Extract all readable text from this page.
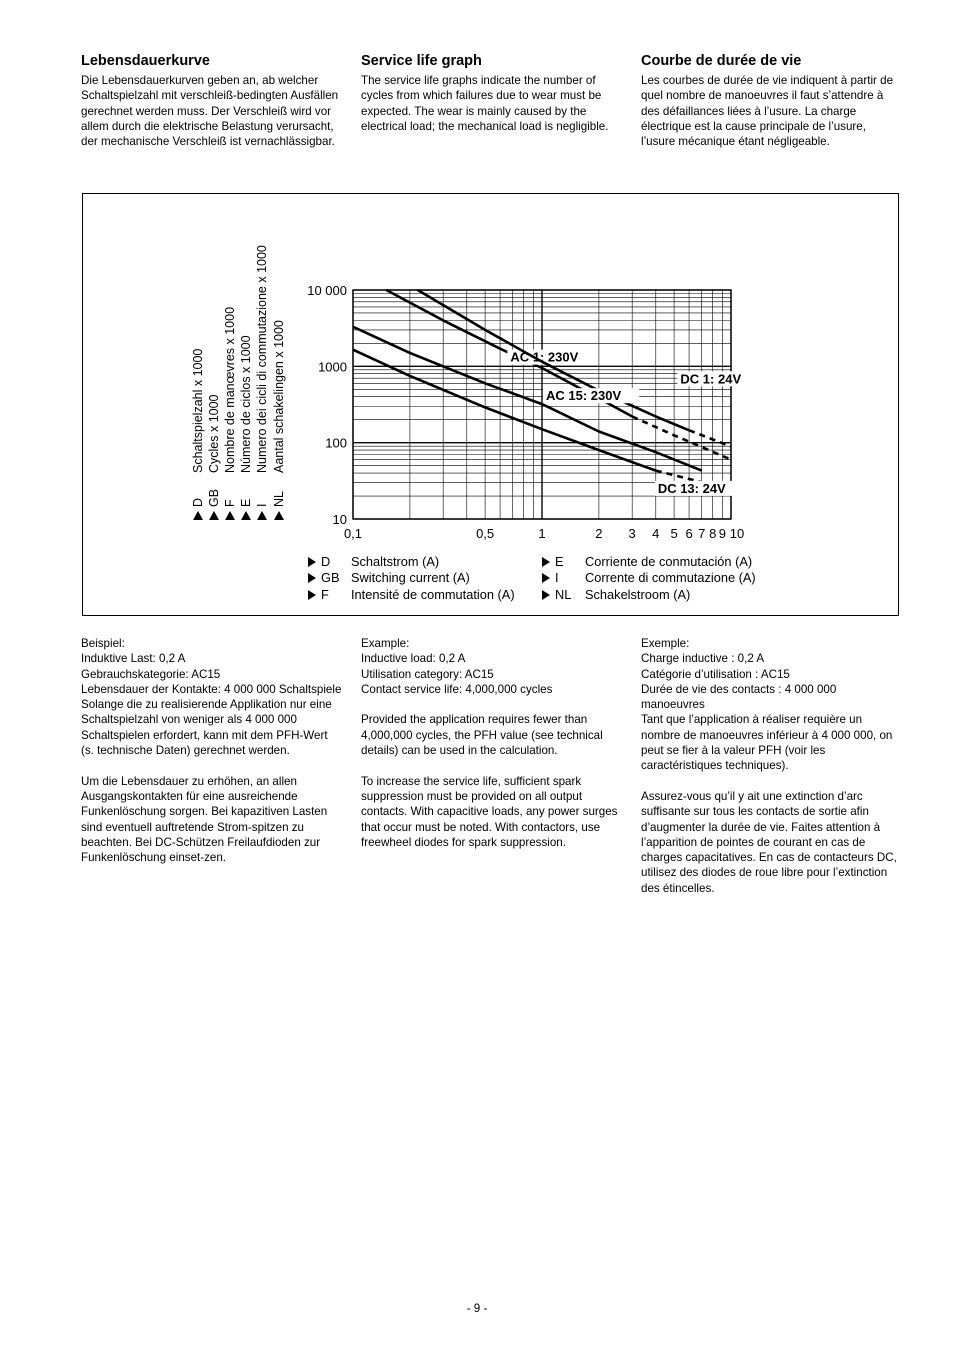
Lebensdauerkurve

Die Lebensdauerkurven geben an, ab welcher Schaltspielzahl mit verschleiß-bedingten Ausfällen gerechnet werden muss. Der Verschleiß wird vor allem durch die elektrische Belastung verursacht, der mechanische Verschleiß ist vernachlässigbar.

Service life graph

The service life graphs indicate the number of cycles from which failures due to wear must be expected. The wear is mainly caused by the electrical load; the mechanical load is negligible.

Courbe de durée de vie

Les courbes de durée de vie indiquent à partir de quel nombre de manoeuvres il faut s’attendre à des défaillances liées à l’usure. La charge électrique est la cause principale de l’usure, l’usure mécanique étant négligeable.

AC 1: 230V
DC 1: 24V
AC 15: 230V
DC 13: 24V
10
100
1000
10 000
0,1	0,5	1	2 3 4 5 6 7 8 9 10
D
Schaltspielzahl x 1000
GB
Cycles x 1000
F
Nombre de manœvres x 1000
E
Número de ciclos x 1000
I
Numero dei cicli di commutazione x 1000
NL
Aantal schakelingen x 1000
D Schaltstrom (A)
GB Switching current (A)
F Intensité de commutation (A)
E Corriente de conmutación (A)
I Corrente di commutazione (A)
NL Schakelstroom (A)
Beispiel:
Induktive Last: 0,2 A
Gebrauchskategorie: AC15
Lebensdauer der Kontakte: 4 000 000 Schaltspiele
Solange die zu realisierende Applikation nur eine Schaltspielzahl von weniger als 4 000 000 Schaltspielen erfordert, kann mit dem PFH-Wert (s. technische Daten) gerechnet werden.
Um die Lebensdauer zu erhöhen, an allen Ausgangskontakten für eine ausreichende Funkenlöschung sorgen. Bei kapazitiven Lasten sind eventuell auftretende Strom-spitzen zu beachten. Bei DC-Schützen Freilaufdioden zur Funkenlöschung einset-zen.
Example:
Inductive load: 0,2 A
Utilisation category: AC15
Contact service life: 4,000,000 cycles
Provided the application requires fewer than 4,000,000 cycles, the PFH value (see technical details) can be used in the calculation.
To increase the service life, sufficient spark suppression must be provided on all output contacts. With capacitive loads, any power surges that occur must be noted. With contactors, use freewheel diodes for spark suppression.
Exemple:
Charge inductive : 0,2 A
Catégorie d’utilisation : AC15
Durée de vie des contacts : 4 000 000 manoeuvres
Tant que l’application à réaliser requière un nombre de manoeuvres inférieur à 4 000 000, on peut se fier à la valeur PFH (voir les caractéristiques techniques).
Assurez-vous qu’il y ait une extinction d’arc suffisante sur tous les contacts de sortie afin d’augmenter la durée de vie. Faites attention à l’apparition de pointes de courant en cas de charges capacitatives. En cas de contacteurs DC, utilisez des diodes de roue libre pour l’extinction des étincelles.
- 9 -
